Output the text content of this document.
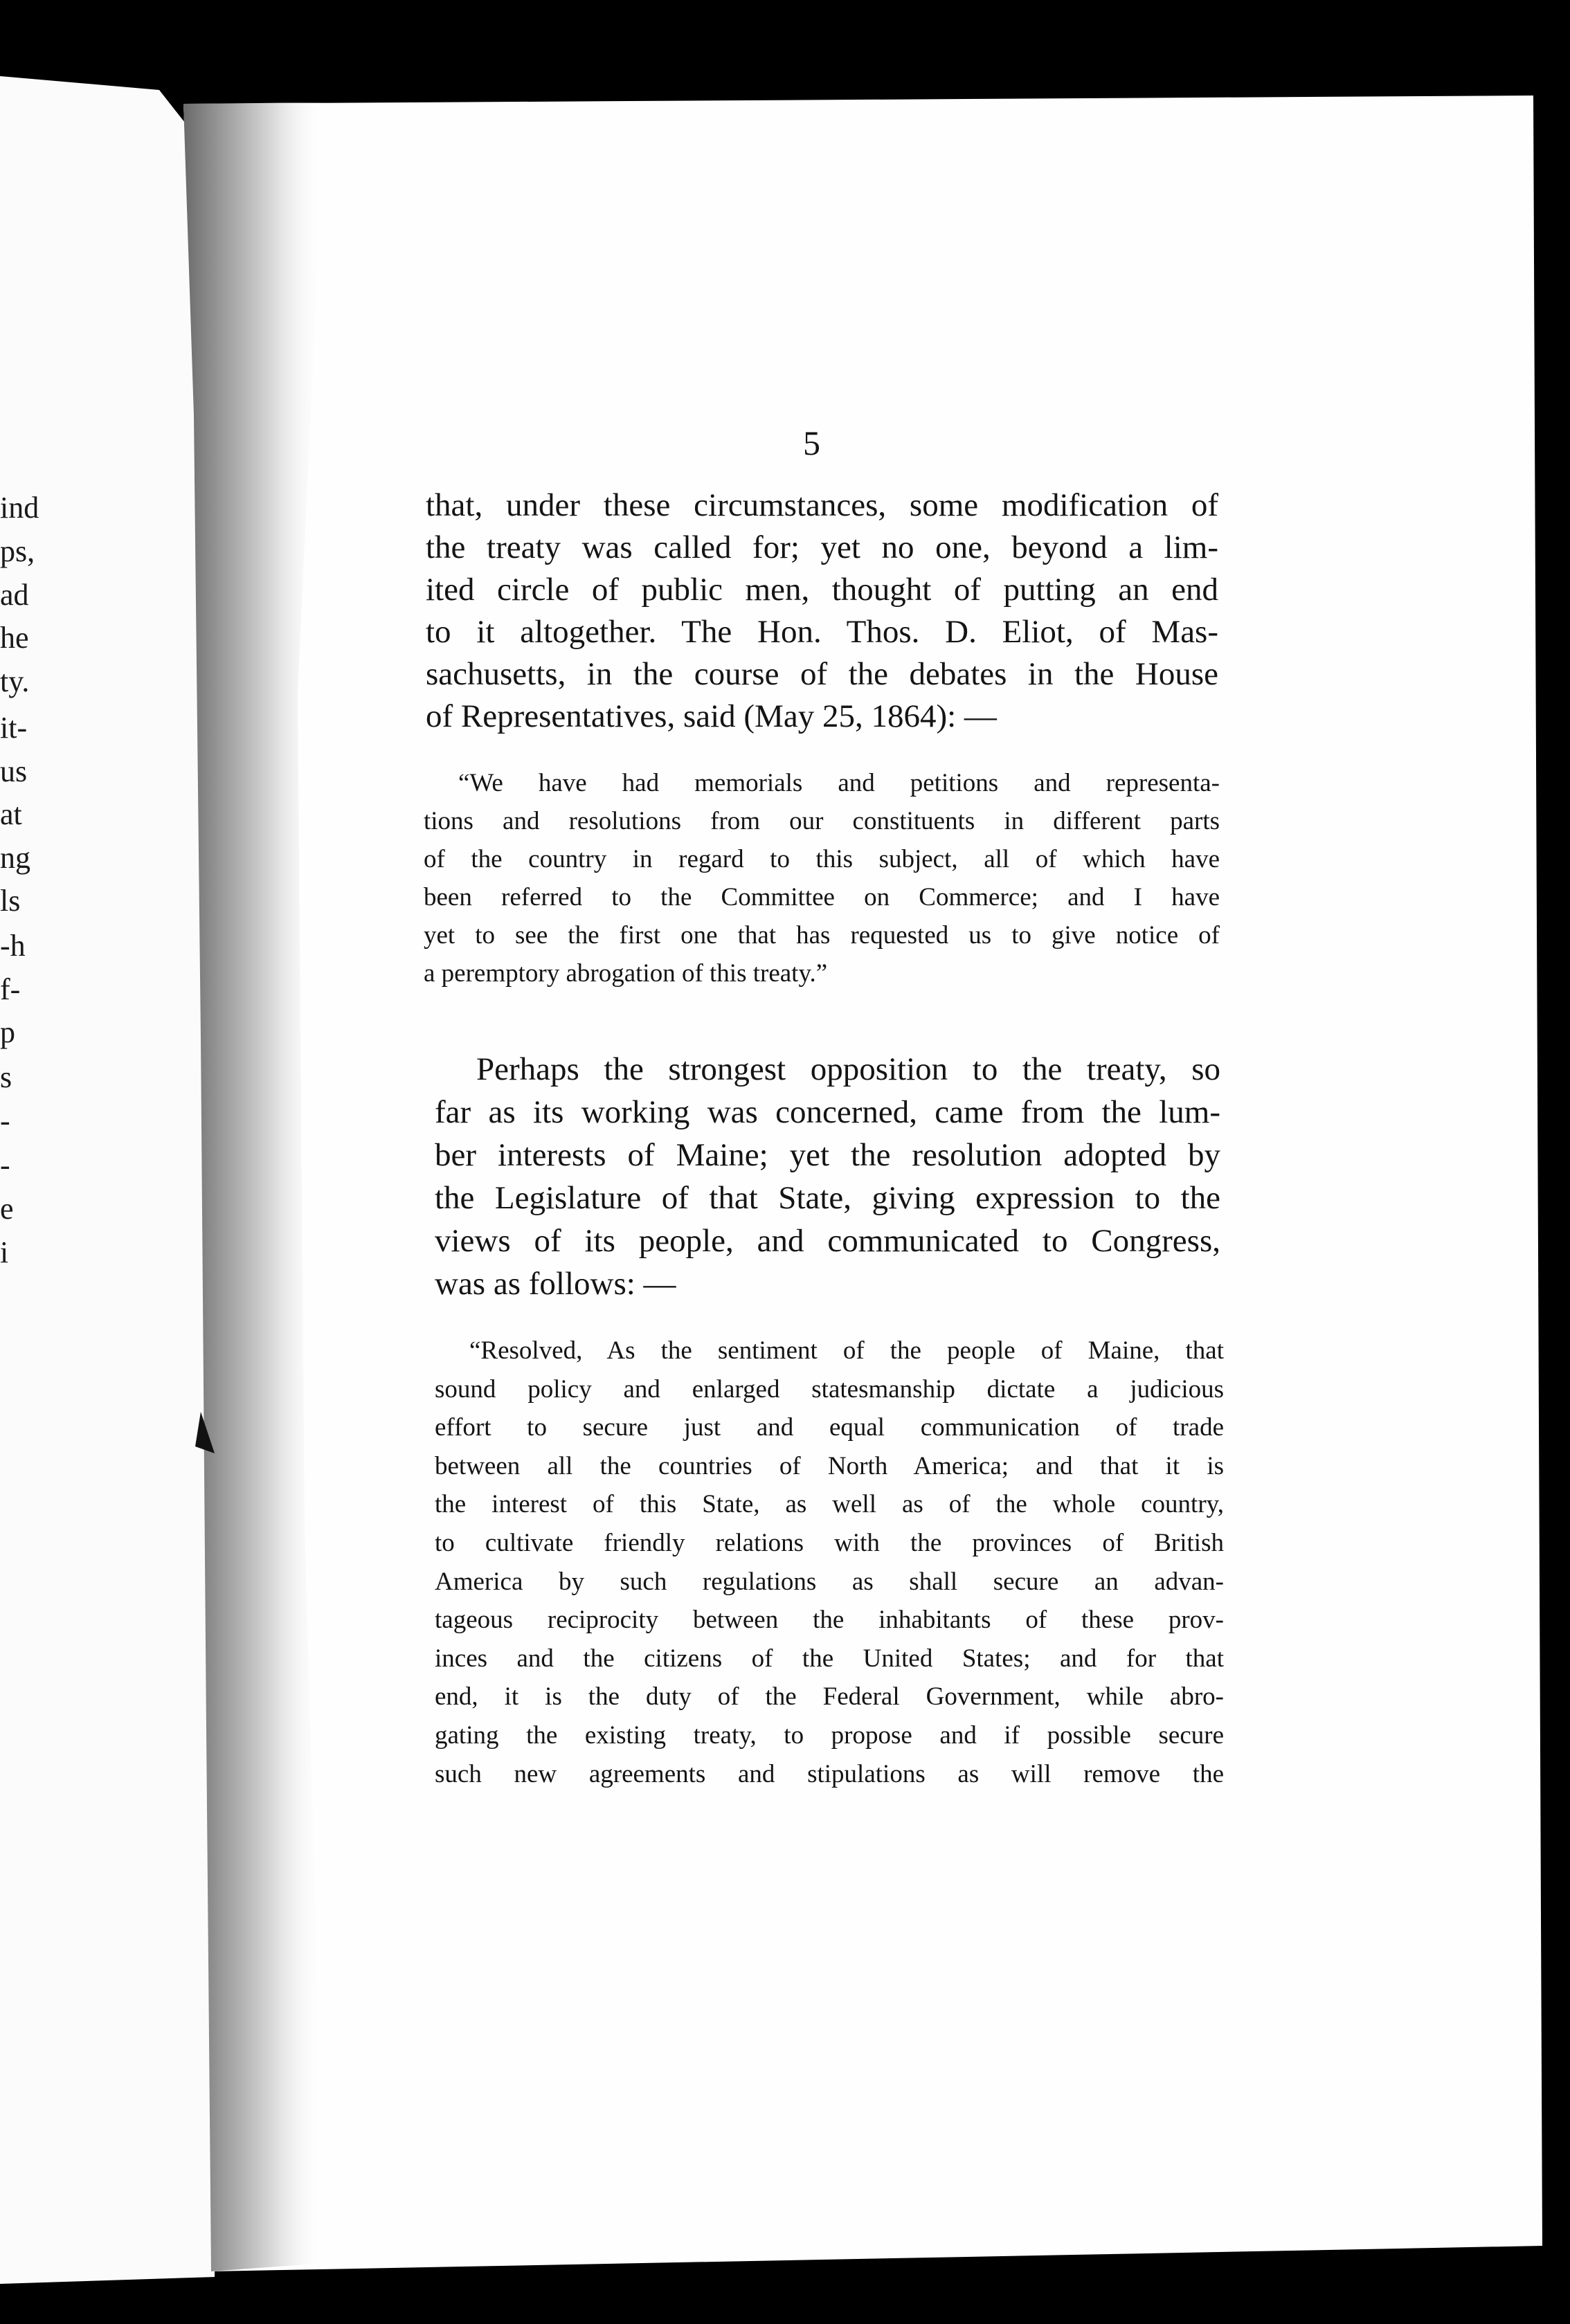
ind
ps,
ad
he
ty.
it-
us
at
ng
ls
-h
f-
p
s
-
-
e
i
5
that, under these circumstances, some modification of
the treaty was called for; yet no one, beyond a lim-
ited circle of public men, thought of putting an end
to it altogether. The Hon. Thos. D. Eliot, of Mas-
sachusetts, in the course of the debates in the House
of Representatives, said (May 25, 1864): —
“We have had memorials and petitions and representa-
tions and resolutions from our constituents in different parts
of the country in regard to this subject, all of which have
been referred to the Committee on Commerce; and I have
yet to see the first one that has requested us to give notice of
a peremptory abrogation of this treaty.”
Perhaps the strongest opposition to the treaty, so
far as its working was concerned, came from the lum-
ber interests of Maine; yet the resolution adopted by
the Legislature of that State, giving expression to the
views of its people, and communicated to Congress,
was as follows: —
“Resolved, As the sentiment of the people of Maine, that
sound policy and enlarged statesmanship dictate a judicious
effort to secure just and equal communication of trade
between all the countries of North America; and that it is
the interest of this State, as well as of the whole country,
to cultivate friendly relations with the provinces of British
America by such regulations as shall secure an advan-
tageous reciprocity between the inhabitants of these prov-
inces and the citizens of the United States; and for that
end, it is the duty of the Federal Government, while abro-
gating the existing treaty, to propose and if possible secure
such new agreements and stipulations as will remove the
